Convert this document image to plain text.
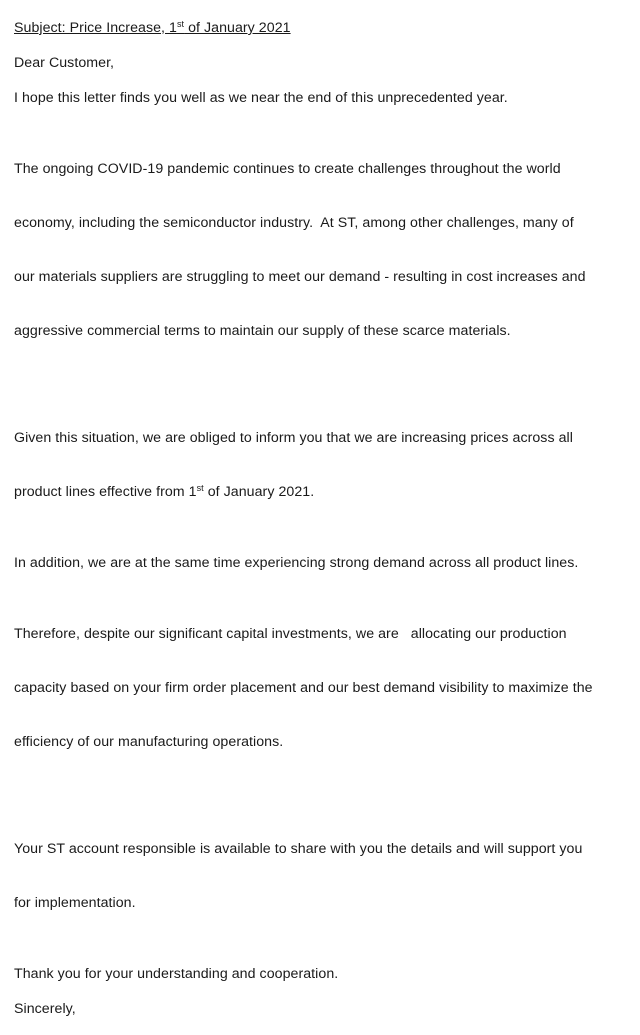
Subject: Price Increase, 1st of January 2021
Dear Customer,
I hope this letter finds you well as we near the end of this unprecedented year.

The ongoing COVID-19 pandemic continues to create challenges throughout the world

economy, including the semiconductor industry.  At ST, among other challenges, many of

our materials suppliers are struggling to meet our demand - resulting in cost increases and

aggressive commercial terms to maintain our supply of these scarce materials.

Given this situation, we are obliged to inform you that we are increasing prices across all

product lines effective from 1st of January 2021.

In addition, we are at the same time experiencing strong demand across all product lines.

Therefore, despite our significant capital investments, we are   allocating our production

capacity based on your firm order placement and our best demand visibility to maximize the

efficiency of our manufacturing operations.

Your ST account responsible is available to share with you the details and will support you

for implementation.

Thank you for your understanding and cooperation.
Sincerely,
